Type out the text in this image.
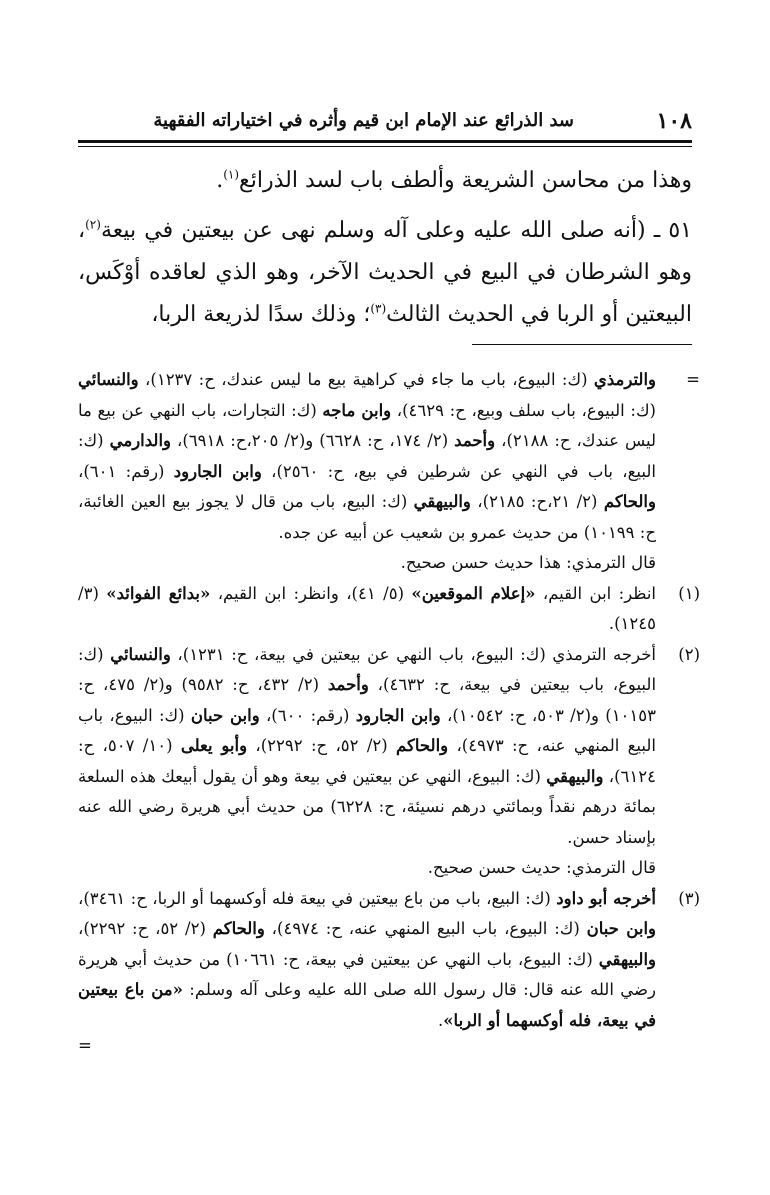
١٠٨
سد الذرائع عند الإمام ابن قيم وأثره في اختياراته الفقهية

وهذا من محاسن الشريعة وألطف باب لسد الذرائع$^{(١)}$.

٥١ ـ (أنه صلى الله عليه وعلى آله وسلم نهى عن بيعتين في بيعة$^{(٢)}$، وهو الشرطان في البيع في الحديث الآخر، وهو الذي لعاقده أوْكَس، البيعتين أو الربا في الحديث الثالث$^{(٣)}$؛ وذلك سدًا لذريعة الربا،

=

والترمذي (ك: البيوع، باب ما جاء في كراهية بيع ما ليس عندك، ح: ١٢٣٧)، والنسائي (ك: البيوع، باب سلف وبيع، ح: ٤٦٢٩)، وابن ماجه (ك: التجارات، باب النهي عن بيع ما ليس عندك، ح: ٢١٨٨)، وأحمد (٢/ ١٧٤، ح: ٦٦٢٨) و(٢/ ٢٠٥،ح: ٦٩١٨)، والدارمي (ك: البيع، باب في النهي عن شرطين في بيع، ح: ٢٥٦٠)، وابن الجارود (رقم: ٦٠١)، والحاكم (٢/ ٢١،ح: ٢١٨٥)، والبيهقي (ك: البيع، باب من قال لا يجوز بيع العين الغائبة، ح: ١٠١٩٩) من حديث عمرو بن شعيب عن أبيه عن جده.

قال الترمذي: هذا حديث حسن صحيح.

(١)

انظر: ابن القيم، «إعلام الموقعين» (٥/ ٤١)، وانظر: ابن القيم، «بدائع الفوائد» (٣/ ١٢٤٥).

(٢)

أخرجه الترمذي (ك: البيوع، باب النهي عن بيعتين في بيعة، ح: ١٢٣١)، والنسائي (ك: البيوع، باب بيعتين في بيعة، ح: ٤٦٣٢)، وأحمد (٢/ ٤٣٢، ح: ٩٥٨٢) و(٢/ ٤٧٥، ح: ١٠١٥٣) و(٢/ ٥٠٣، ح: ١٠٥٤٢)، وابن الجارود (رقم: ٦٠٠)، وابن حبان (ك: البيوع، باب البيع المنهي عنه، ح: ٤٩٧٣)، والحاكم (٢/ ٥٢، ح: ٢٢٩٢)، وأبو يعلى (١٠/ ٥٠٧، ح: ٦١٢٤)، والبيهقي (ك: البيوع، النهي عن بيعتين في بيعة وهو أن يقول أبيعك هذه السلعة بمائة درهم نقداً وبمائتي درهم نسيئة، ح: ٦٢٢٨) من حديث أبي هريرة رضي الله عنه بإسناد حسن.

قال الترمذي: حديث حسن صحيح.

(٣)

أخرجه أبو داود (ك: البيع، باب من باع بيعتين في بيعة فله أوكسهما أو الربا، ح: ٣٤٦١)، وابن حبان (ك: البيوع، باب البيع المنهي عنه، ح: ٤٩٧٤)، والحاكم (٢/ ٥٢، ح: ٢٢٩٢)، والبيهقي (ك: البيوع، باب النهي عن بيعتين في بيعة، ح: ١٠٦٦١) من حديث أبي هريرة رضي الله عنه قال: قال رسول الله صلى الله عليه وعلى آله وسلم: «من باع بيعتين في بيعة، فله أوكسهما أو الربا».

=
